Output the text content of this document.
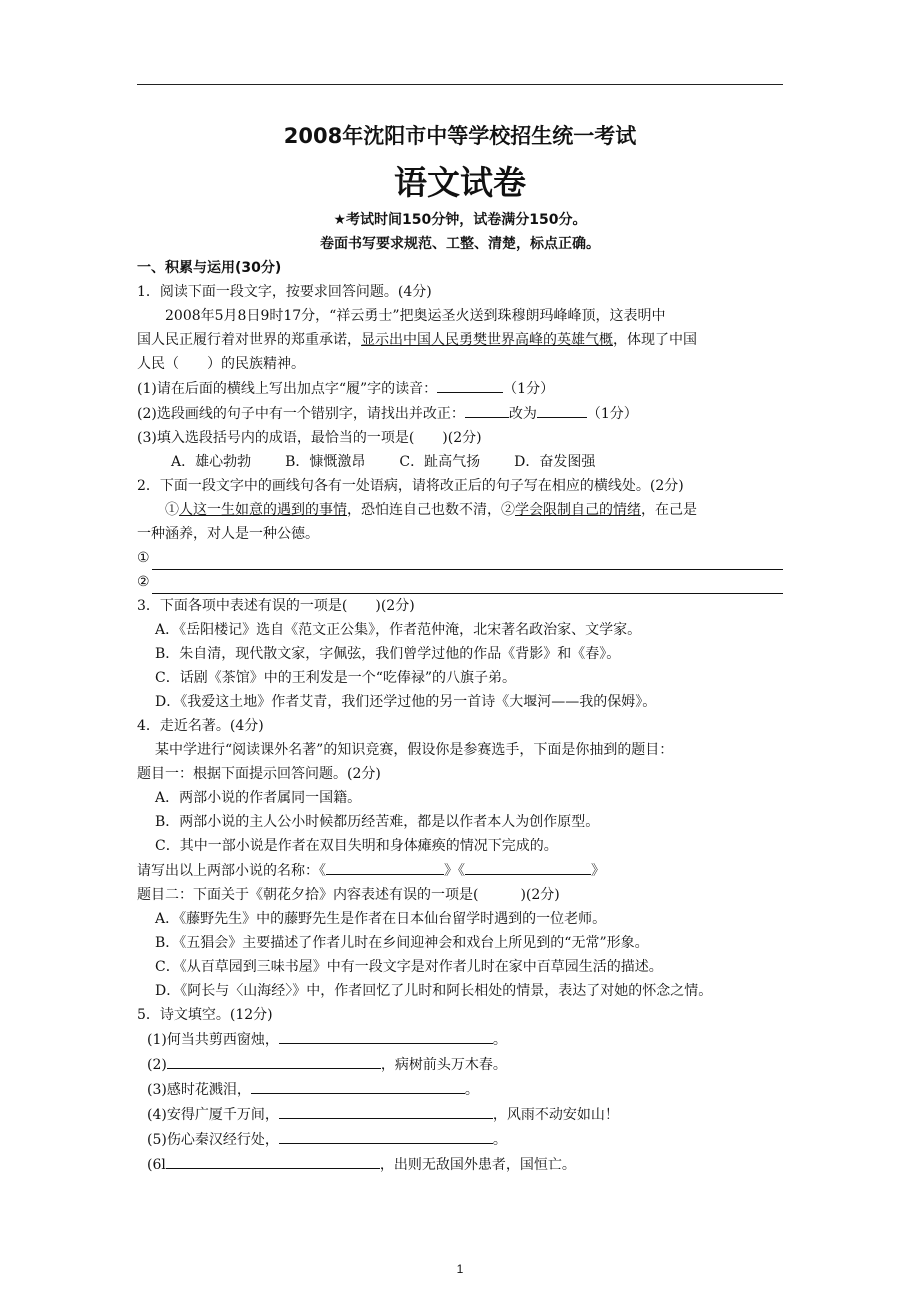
2008年沈阳市中等学校招生统一考试
语文试卷
★考试时间150分钟，试卷满分150分。
卷面书写要求规范、工整、清楚，标点正确。
一、积累与运用(30分)
1．阅读下面一段文字，按要求回答问题。(4分)
2008年5月8日9时17分，“祥云勇士”把奥运圣火送到珠穆朗玛峰峰顶，这表明中
国人民正履行着对世界的郑重承诺，显示出中国人民勇樊世界高峰的英雄气概，体现了中国
人民（　　）的民族精神。
(1)请在后面的横线上写出加点字“履”字的读音：	（1分）
(2)选段画线的句子中有一个错别字，请找出并改正：	改为	（1分）
(3)填入选段括号内的成语，最恰当的一项是(　　)(2分)
A．雄心勃勃 B．慷慨激昂 C．趾高气扬 D．奋发图强
2．下面一段文字中的画线句各有一处语病，请将改正后的句子写在相应的横线处。(2分)
①人这一生如意的遇到的事情，恐怕连自己也数不清，②学会限制自己的情绪，在己是
一种涵养，对人是一种公德。
①
②
3．下面各项中表述有误的一项是(　　)(2分)
A．《岳阳楼记》选自《范文正公集》，作者范仲淹，北宋著名政治家、文学家。
B．朱自清，现代散文家，字佩弦，我们曾学过他的作品《背影》和《春》。
C．话剧《茶馆》中的王利发是一个“吃俸禄”的八旗子弟。
D．《我爱这土地》作者艾青，我们还学过他的另一首诗《大堰河——我的保姆》。
4．走近名著。(4分)
某中学进行“阅读课外名著”的知识竞赛，假设你是参赛选手，下面是你抽到的题目：
题目一：根据下面提示回答问题。(2分)
A．两部小说的作者属同一国籍。
B．两部小说的主人公小时候都历经苦难，都是以作者本人为创作原型。
C．其中一部小说是作者在双目失明和身体瘫痪的情况下完成的。
请写出以上两部小说的名称：《	》《	》
题目二：下面关于《朝花夕拾》内容表述有误的一项是(　　　)(2分)
A．《藤野先生》中的藤野先生是作者在日本仙台留学时遇到的一位老师。
B．《五猖会》主要描述了作者儿时在乡间迎神会和戏台上所见到的“无常”形象。
C．《从百草园到三味书屋》中有一段文字是对作者儿时在家中百草园生活的描述。
D．《阿长与〈山海经〉》中，作者回忆了儿时和阿长相处的情景，表达了对她的怀念之情。
5．诗文填空。(12分)
(1)何当共剪西窗烛，	。
(2)	，病树前头万木春。
(3)感时花溅泪，	。
(4)安得广厦千万间，	，风雨不动安如山！
(5)伤心秦汉经行处，	。
(6l	，出则无敌国外患者，国恒亡。
1
